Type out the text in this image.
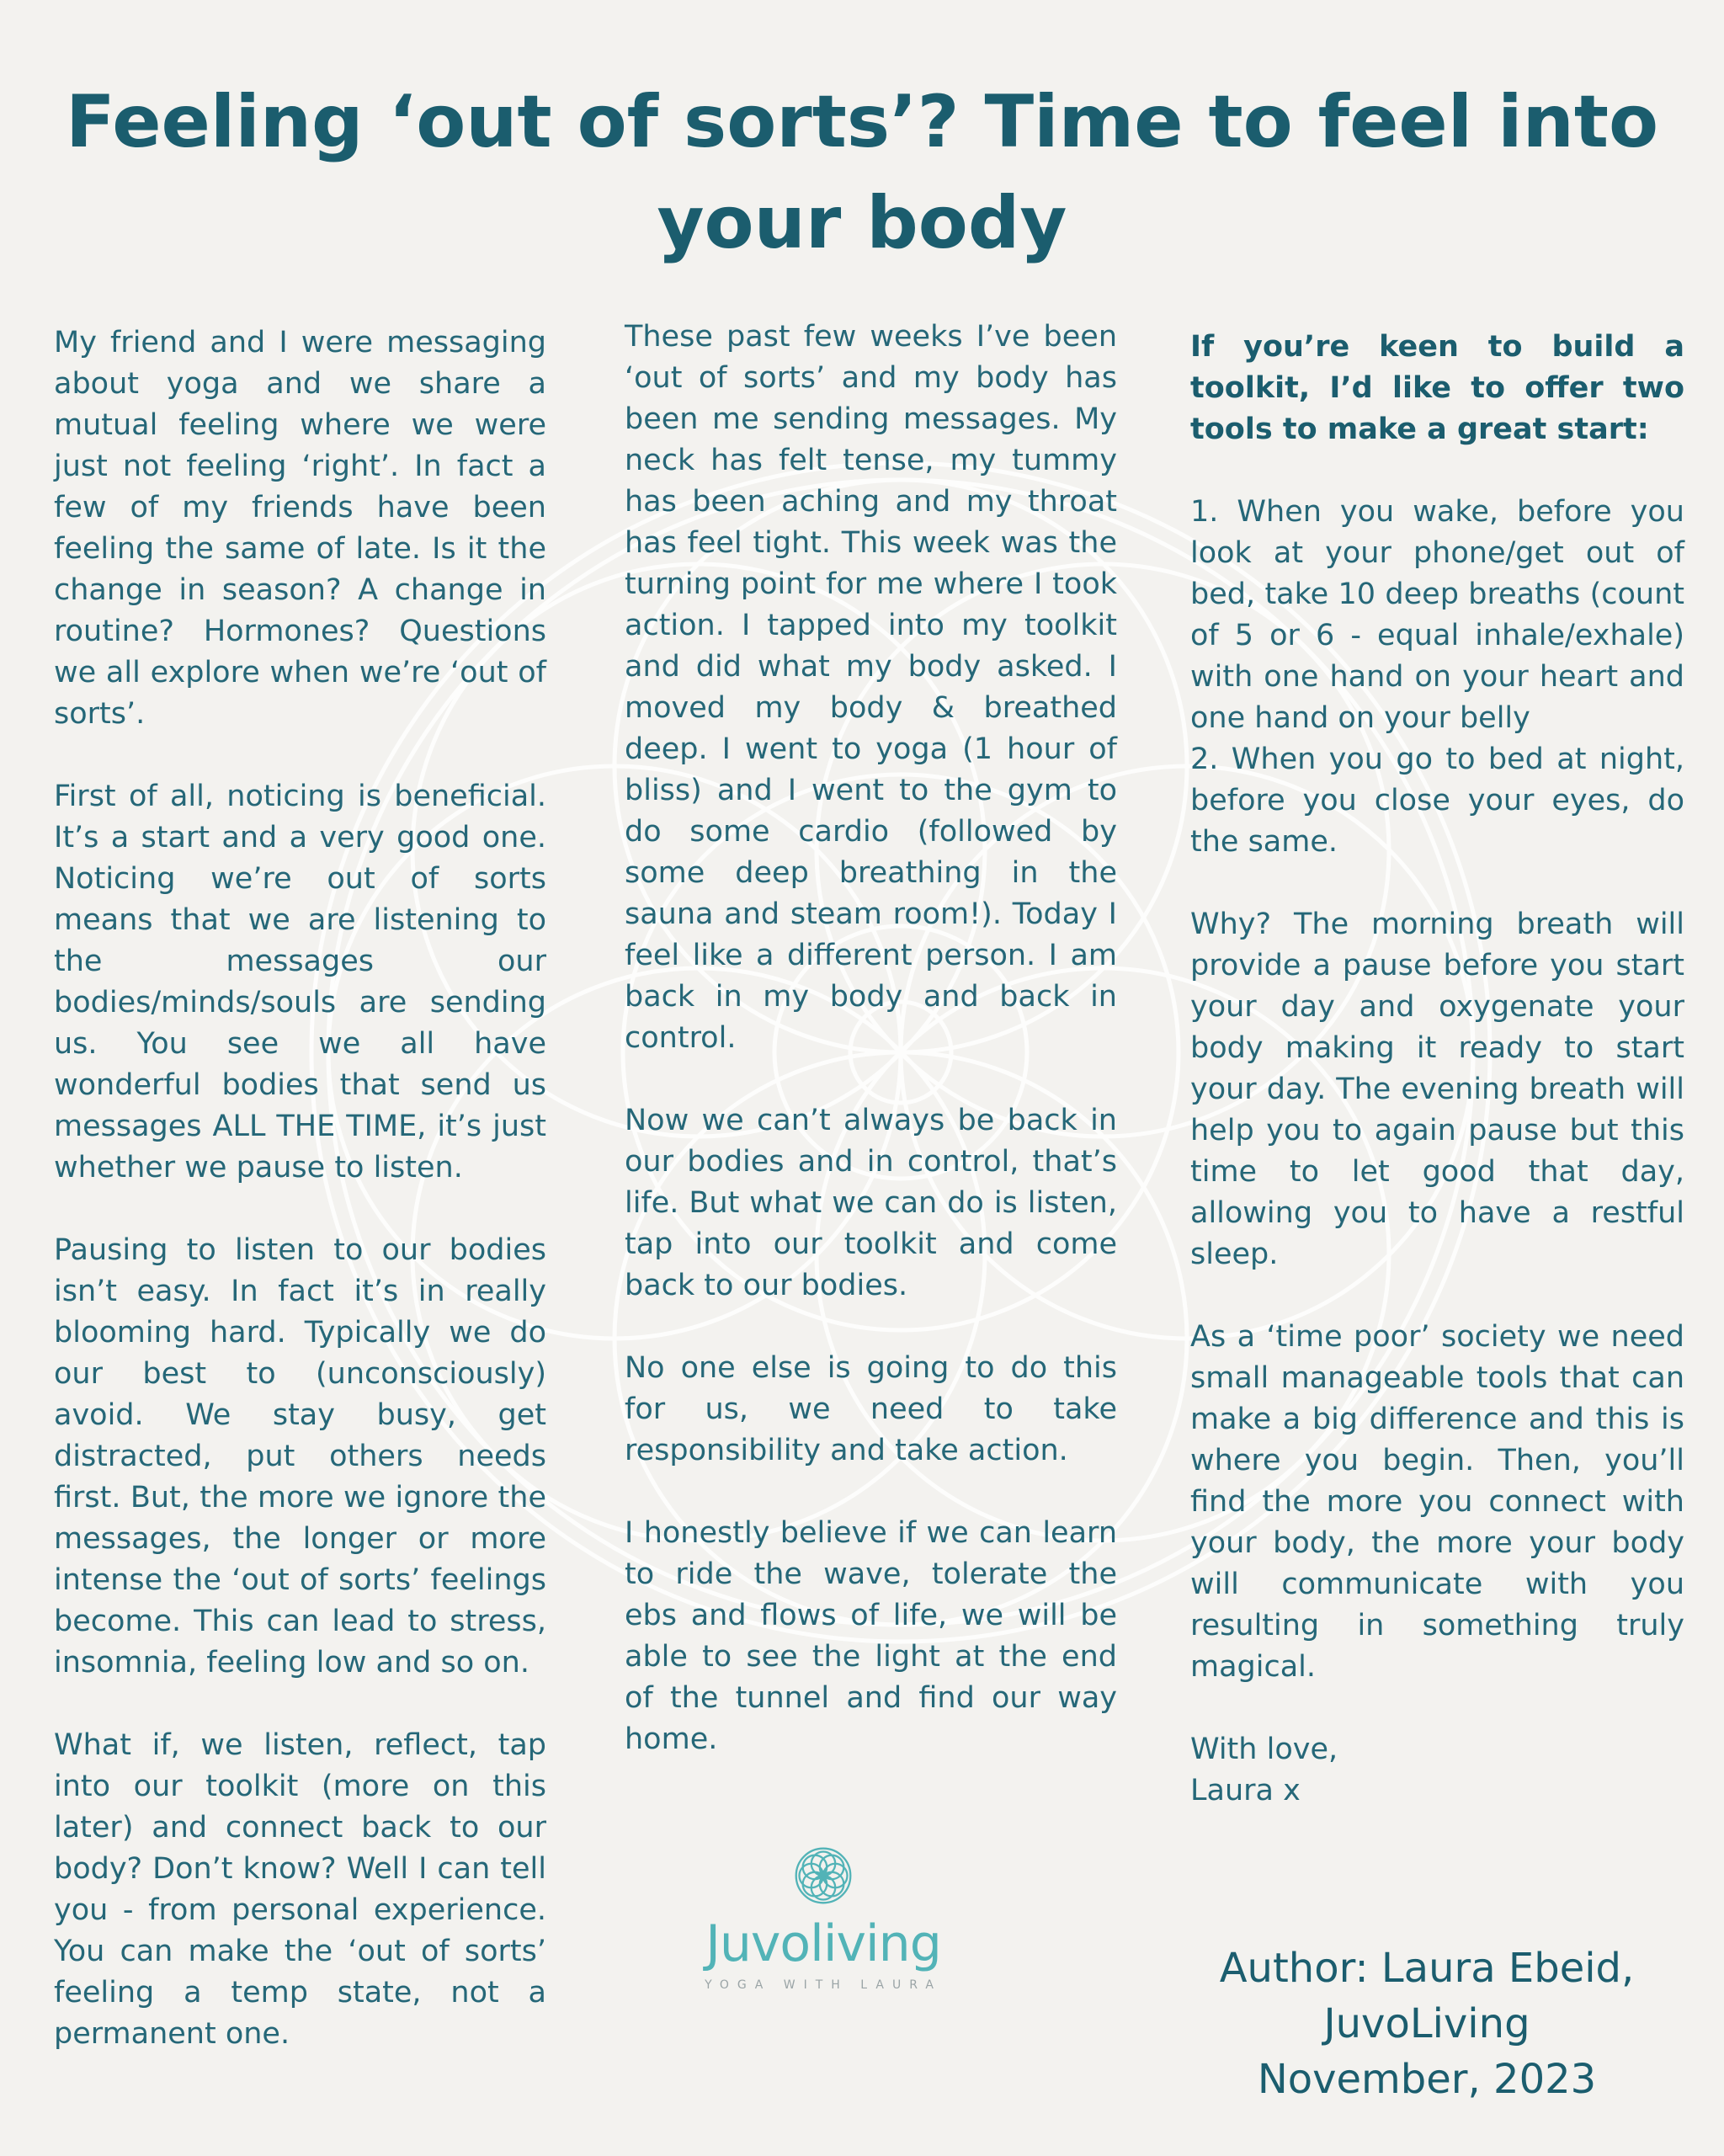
Feeling ‘out of sorts’? Time to feel into your body

My friend and I were messaging about yoga and we share a mutual feeling where we were just not feeling ‘right’. In fact a few of my friends have been feeling the same of late. Is it the change in season? A change in routine? Hormones? Questions we all explore when we’re ‘out of sorts’.

First of all, noticing is beneficial. It’s a start and a very good one. Noticing we’re out of sorts means that we are listening to the messages our bodies/minds/souls are sending us. You see we all have wonderful bodies that send us messages ALL THE TIME, it’s just whether we pause to listen.

Pausing to listen to our bodies isn’t easy. In fact it’s in really blooming hard. Typically we do our best to (unconsciously) avoid. We stay busy, get distracted, put others needs first. But, the more we ignore the messages, the longer or more intense the ‘out of sorts’ feelings become. This can lead to stress, insomnia, feeling low and so on.

What if, we listen, reflect, tap into our toolkit (more on this later) and connect back to our body? Don’t know? Well I can tell you - from personal experience. You can make the ‘out of sorts’ feeling a temp state, not a permanent one.

These past few weeks I’ve been ‘out of sorts’ and my body has been me sending messages. My neck has felt tense, my tummy has been aching and my throat has feel tight. This week was the turning point for me where I took action. I tapped into my toolkit and did what my body asked. I moved my body & breathed deep. I went to yoga (1 hour of bliss) and I went to the gym to do some cardio (followed by some deep breathing in the sauna and steam room!). Today I feel like a different person. I am back in my body and back in control.

Now we can’t always be back in our bodies and in control, that’s life. But what we can do is listen, tap into our toolkit and come back to our bodies.

No one else is going to do this for us, we need to take responsibility and take action.

I honestly believe if we can learn to ride the wave, tolerate the ebs and flows of life, we will be able to see the light at the end of the tunnel and find our way home.

If you’re keen to build a toolkit, I’d like to offer two tools to make a great start:

1. When you wake, before you look at your phone/get out of bed, take 10 deep breaths (count of 5 or 6 - equal inhale/exhale) with one hand on your heart and one hand on your belly

2. When you go to bed at night, before you close your eyes, do the same.

Why? The morning breath will provide a pause before you start your day and oxygenate your body making it ready to start your day. The evening breath will help you to again pause but this time to let good that day, allowing you to have a restful sleep.

As a ‘time poor’ society we need small manageable tools that can make a big difference and this is where you begin. Then, you’ll find the more you connect with your body, the more your body will communicate with you resulting in something truly magical.

With love,
Laura x

Juvoliving
YOGA WITH LAURA	Author: Laura Ebeid,
JuvoLiving
November, 2023
